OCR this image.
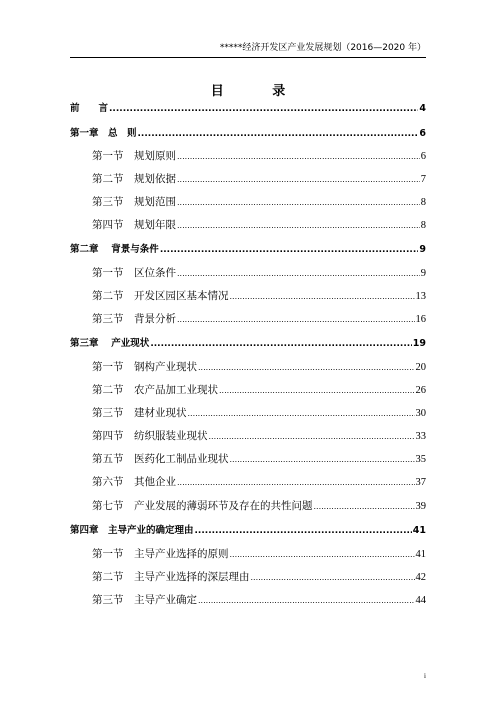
*****经济开发区产业发展规划（2016—2020 年）
目 录
前　　言 .....	4
第一章　总　则 .....	6
第一节　规划原则 .....	6
第二节　规划依据 .....	7
第三节　规划范围 .....	8
第四节　规划年限 .....	8
第二章　 背景与条件 .....	9
第一节　区位条件 .....	9
第二节　开发区园区基本情况 .....	13
第三节　背景分析 .....	16
第三章　 产业现状 .....	19
第一节　钢构产业现状 .....	20
第二节　农产品加工业现状 .....	26
第三节　建材业现状 .....	30
第四节　纺织服装业现状 .....	33
第五节　医药化工制品业现状 .....	35
第六节　其他企业 .....	37
第七节　产业发展的薄弱环节及存在的共性问题 .....	39
第四章　主导产业的确定理由 .....	41
第一节　主导产业选择的原则 .....	41
第二节　主导产业选择的深层理由 .....	42
第三节　主导产业确定 .....	44
i
